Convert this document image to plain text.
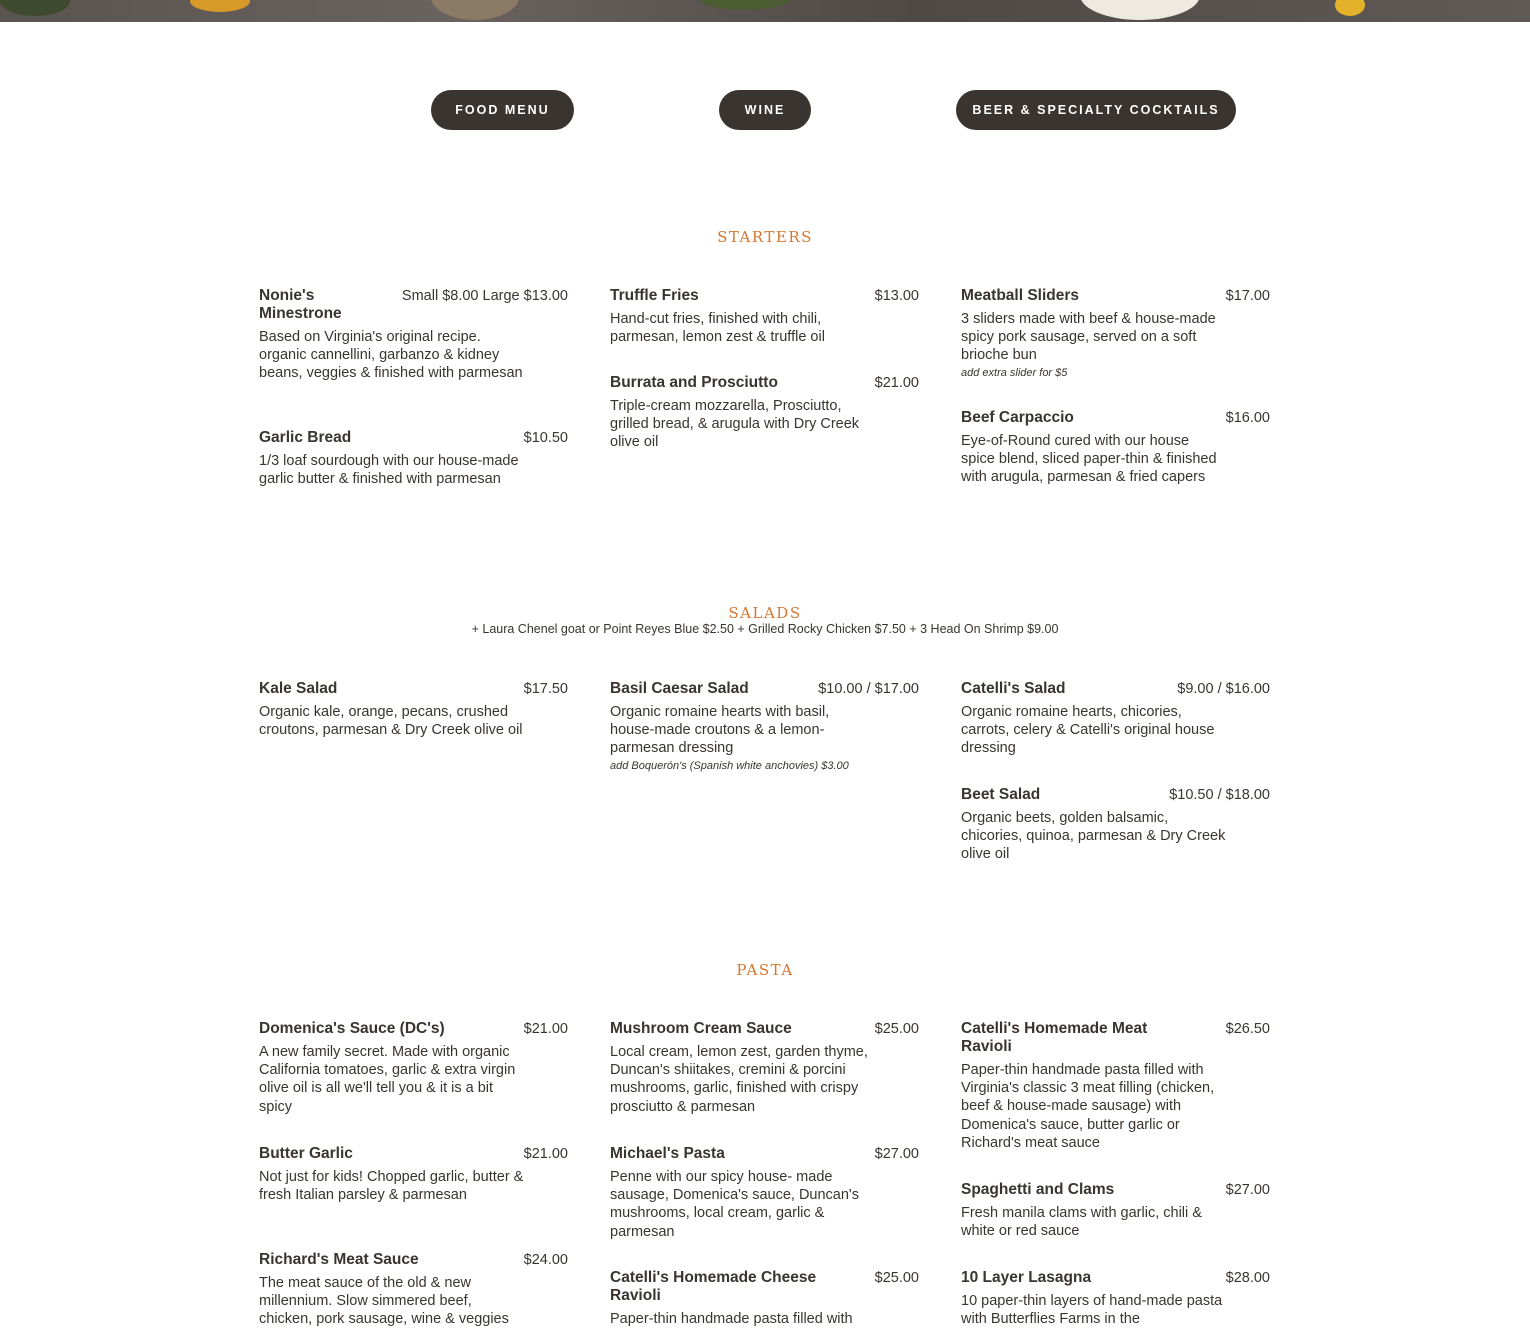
FOOD MENU	WINE	BEER & SPECIALTY COCKTAILS
STARTERS
Nonie's Minestrone
Small $8.00 Large $13.00
Based on Virginia's original recipe. organic cannellini, garbanzo & kidney beans, veggies & finished with parmesan
Garlic Bread	$10.50
1/3 loaf sourdough with our house-made garlic butter & finished with parmesan
Truffle Fries	$13.00
Hand-cut fries, finished with chili, parmesan, lemon zest & truffle oil
Burrata and Prosciutto	$21.00
Triple-cream mozzarella, Prosciutto, grilled bread, & arugula with Dry Creek olive oil
Meatball Sliders	$17.00
3 sliders made with beef & house-made spicy pork sausage, served on a soft brioche bun
add extra slider for $5
Beef Carpaccio	$16.00
Eye-of-Round cured with our house spice blend, sliced paper-thin & finished with arugula, parmesan & fried capers
SALADS
+ Laura Chenel goat or Point Reyes Blue $2.50 + Grilled Rocky Chicken $7.50 + 3 Head On Shrimp $9.00
Kale Salad	$17.50
Organic kale, orange, pecans, crushed croutons, parmesan & Dry Creek olive oil
Basil Caesar Salad	$10.00 / $17.00
Organic romaine hearts with basil, house-made croutons & a lemon-parmesan dressing
add Boquerón's (Spanish white anchovies) $3.00
Catelli's Salad	$9.00 / $16.00
Organic romaine hearts, chicories, carrots, celery & Catelli's original house dressing
Beet Salad	$10.50 / $18.00
Organic beets, golden balsamic, chicories, quinoa, parmesan & Dry Creek olive oil
PASTA
Domenica's Sauce (DC's)	$21.00
A new family secret. Made with organic California tomatoes, garlic & extra virgin olive oil is all we'll tell you & it is a bit spicy
Butter Garlic	$21.00
Not just for kids! Chopped garlic, butter & fresh Italian parsley & parmesan
Richard's Meat Sauce	$24.00
The meat sauce of the old & new millennium. Slow simmered beef, chicken, pork sausage, wine & veggies
Mushroom Cream Sauce	$25.00
Local cream, lemon zest, garden thyme, Duncan's shiitakes, cremini & porcini mushrooms, garlic, finished with crispy prosciutto & parmesan
Michael's Pasta	$27.00
Penne with our spicy house- made sausage, Domenica's sauce, Duncan's mushrooms, local cream, garlic & parmesan
Catelli's Homemade Cheese Ravioli
$25.00
Paper-thin handmade pasta filled with
Catelli's Homemade Meat Ravioli
$26.50
Paper-thin handmade pasta filled with Virginia's classic 3 meat filling (chicken, beef & house-made sausage) with Domenica's sauce, butter garlic or Richard's meat sauce
Spaghetti and Clams	$27.00
Fresh manila clams with garlic, chili & white or red sauce
10 Layer Lasagna	$28.00
10 paper-thin layers of hand-made pasta with Butterflies Farms in the
